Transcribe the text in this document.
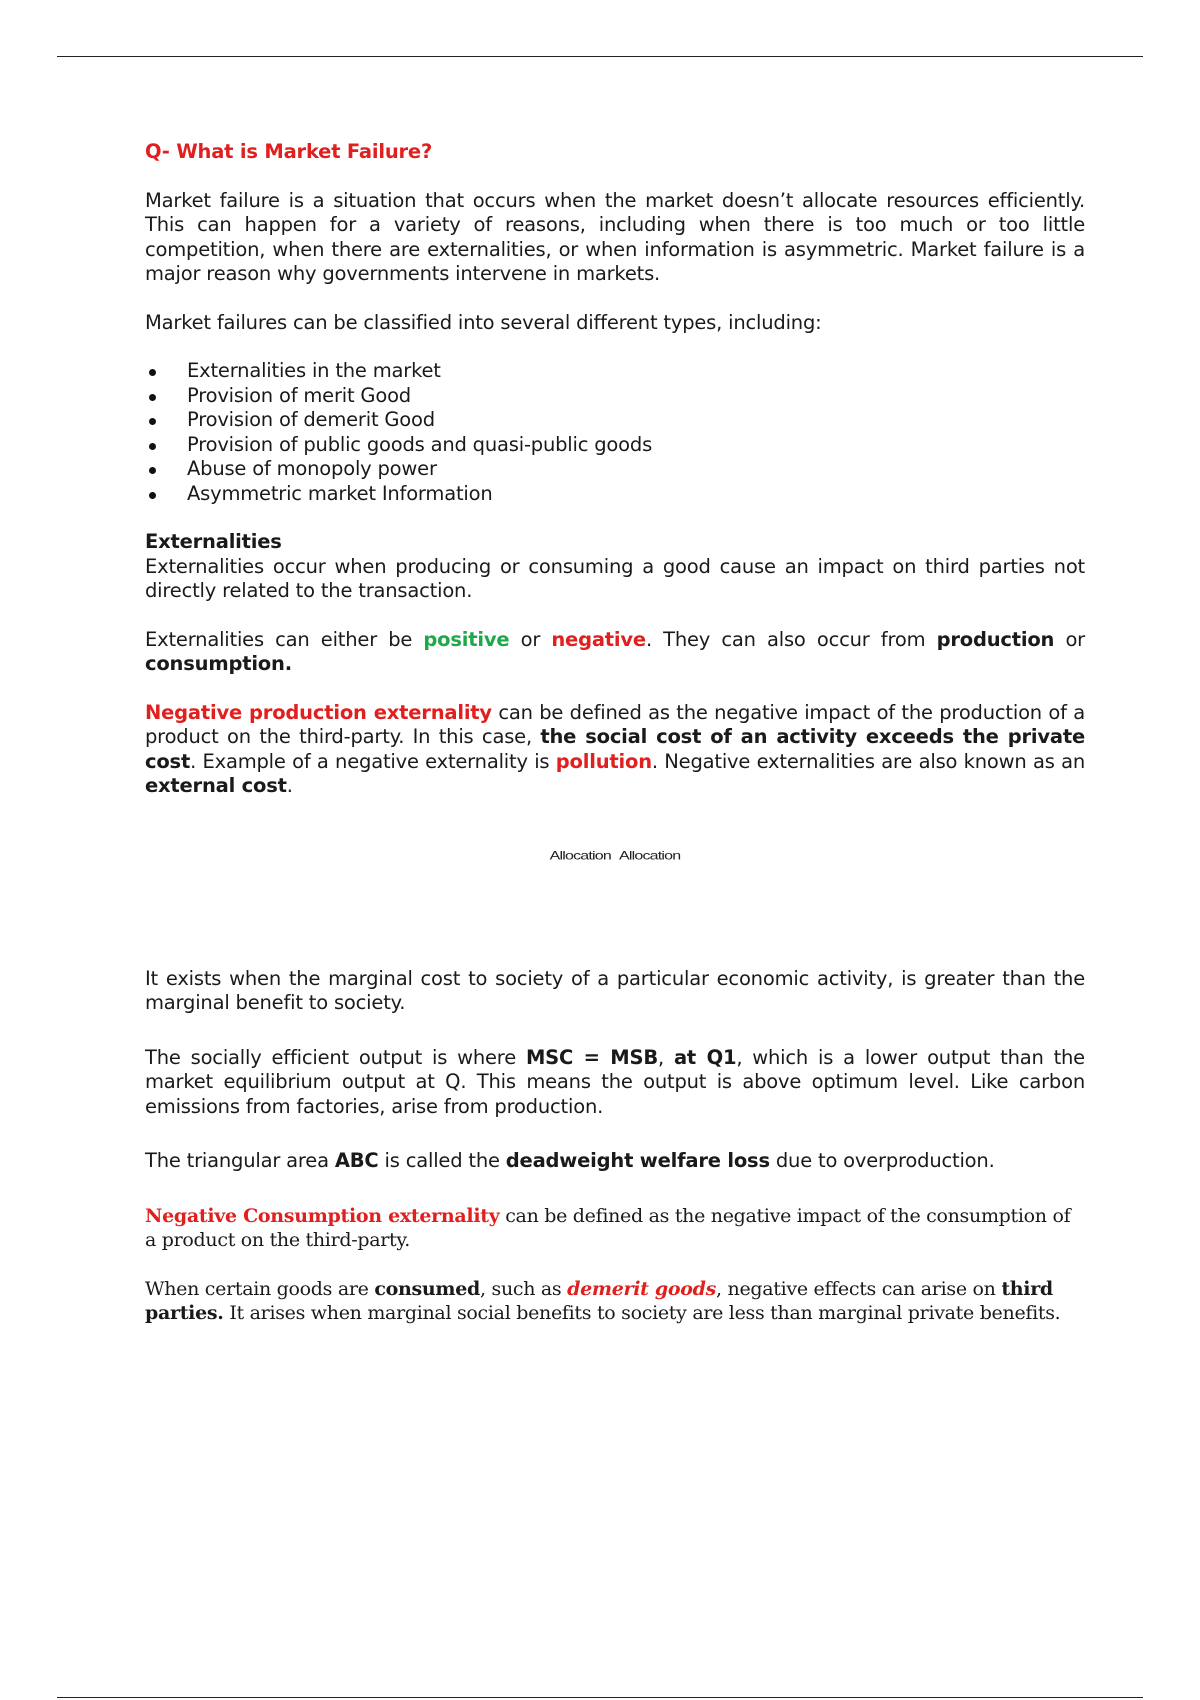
Q- What is Market Failure?

Market failure is a situation that occurs when the market doesn’t allocate resources efficiently. This can happen for a variety of reasons, including when there is too much or too little competition, when there are externalities, or when information is asymmetric. Market failure is a major reason why governments intervene in markets.

Market failures can be classified into several different types, including:

Externalities in the market
Provision of merit Good
Provision of demerit Good
Provision of public goods and quasi-public goods
Abuse of monopoly power
Asymmetric market Information

Externalities

Externalities occur when producing or consuming a good cause an impact on third parties not directly related to the transaction.

Externalities can either be positive or negative. They can also occur from production or consumption.

Negative production externality can be defined as the negative impact of the production of a product on the third-party. In this case, the social cost of an activity exceeds the private cost. Example of a negative externality is pollution. Negative externalities are also known as an external cost.

Allocation Allocation

It exists when the marginal cost to society of a particular economic activity, is greater than the marginal benefit to society.

The socially efficient output is where MSC = MSB, at Q1, which is a lower output than the market equilibrium output at Q. This means the output is above optimum level. Like carbon emissions from factories, arise from production.

The triangular area ABC is called the deadweight welfare loss due to overproduction.

Negative Consumption externality can be defined as the negative impact of the consumption of a product on the third-party.

When certain goods are consumed, such as demerit goods, negative effects can arise on third parties. It arises when marginal social benefits to society are less than marginal private benefits.
